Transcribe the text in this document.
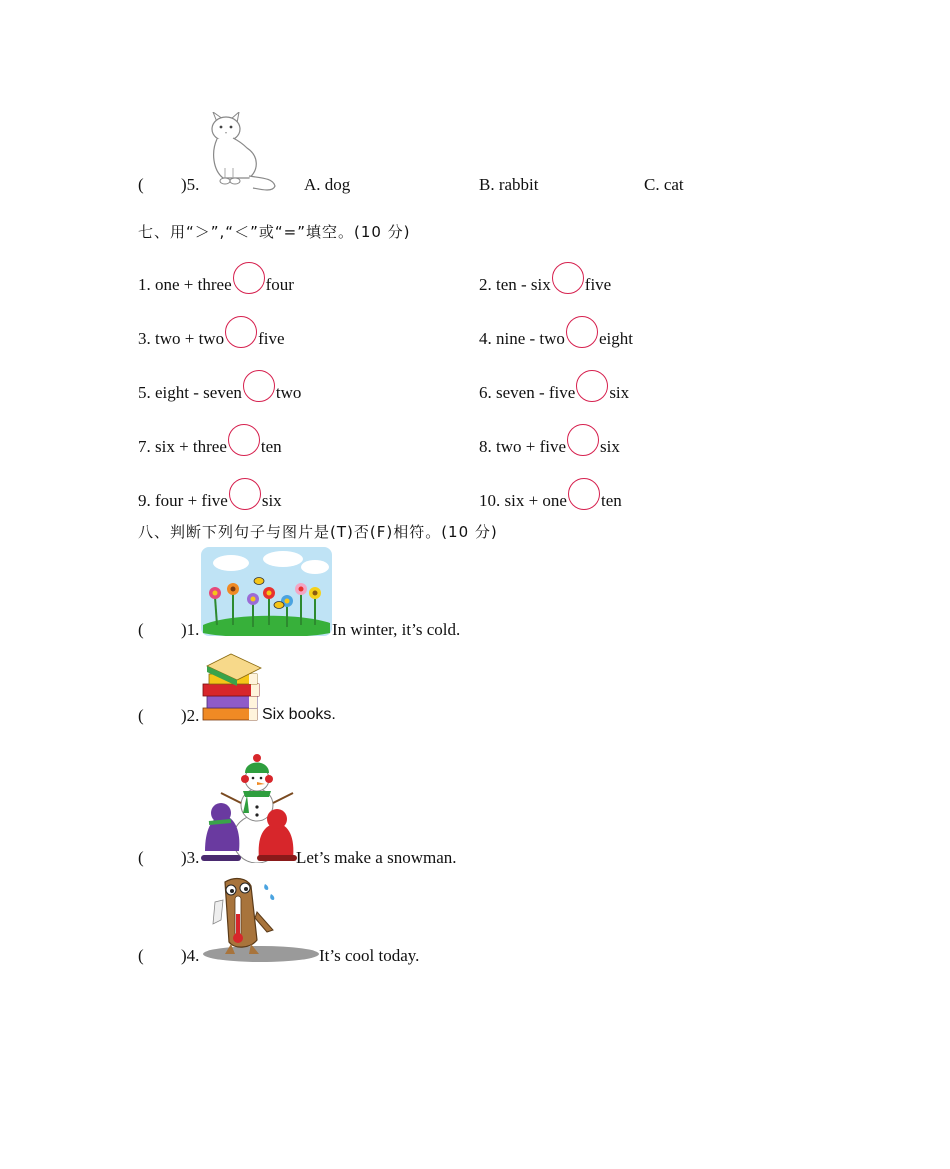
( )5.	A. dog	B. rabbit	C. cat
七、用“＞”,“＜”或“=”填空。(10 分)
1. one + three four	2. ten - six five
3. two + two five	4. nine - two eight
5. eight - seven two	6. seven - five six
7. six + three ten	8. two + five six
9. four + five six	10. six + one ten
八、判断下列句子与图片是(T)否(F)相符。(10 分)
( )1.	In winter, it’s cold.
( )2.	Six books.
( )3.	Let’s make a snowman.
( )4.	It’s cool today.
